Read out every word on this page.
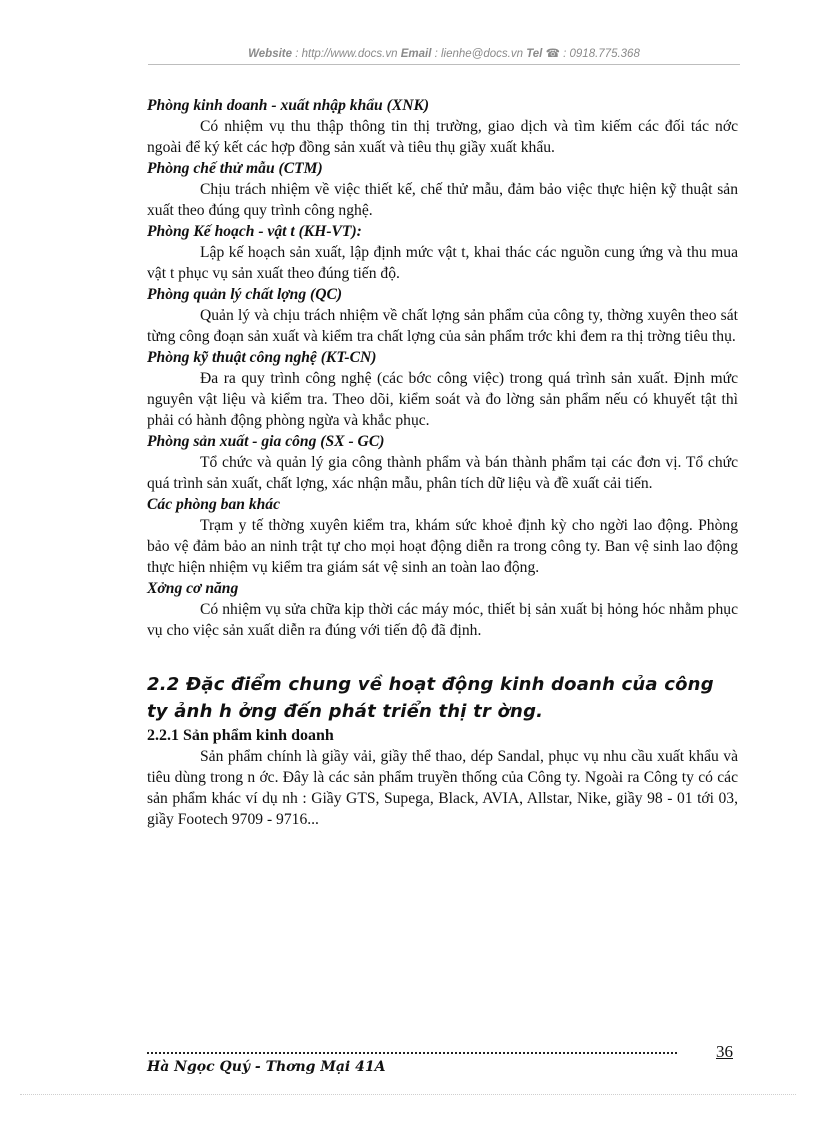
Website : http://www.docs.vn Email : lienhe@docs.vn Tel ☎ : 0918.775.368

Phòng kinh doanh - xuất nhập khẩu (XNK)

Có nhiệm vụ thu thập thông tin thị trường, giao dịch và tìm kiếm các đối tác nớc ngoài để ký kết các hợp đồng sản xuất và tiêu thụ giầy xuất khẩu.

Phòng chế thử mẫu (CTM)

Chịu trách nhiệm về việc thiết kế, chế thử mẫu, đảm bảo việc thực hiện kỹ thuật sản xuất theo đúng quy trình công nghệ.

Phòng Kế hoạch - vật t (KH-VT):

Lập kế hoạch sản xuất, lập định mức vật t, khai thác các nguồn cung ứng và thu mua vật t phục vụ sản xuất theo đúng tiến độ.

Phòng quản lý chất lợng (QC)

Quản lý và chịu trách nhiệm về chất lợng sản phẩm của công ty, thờng xuyên theo sát từng công đoạn sản xuất và kiểm tra chất lợng của sản phẩm trớc khi đem ra thị trờng tiêu thụ.

Phòng kỹ thuật công nghệ (KT-CN)

Đa ra quy trình công nghệ (các bớc công việc) trong quá trình sản xuất. Định mức nguyên vật liệu và kiểm tra. Theo dõi, kiểm soát và đo lờng sản phẩm nếu có khuyết tật thì phải có hành động phòng ngừa và khắc phục.

Phòng sản xuất - gia công (SX - GC)

Tổ chức và quản lý gia công thành phẩm và bán thành phẩm tại các đơn vị. Tổ chức quá trình sản xuất, chất lợng, xác nhận mẫu, phân tích dữ liệu và đề xuất cải tiến.

Các phòng ban khác

Trạm y tế thờng xuyên kiểm tra, khám sức khoẻ định kỳ cho ngời lao động. Phòng bảo vệ đảm bảo an ninh trật tự cho mọi hoạt động diễn ra trong công ty. Ban vệ sinh lao động thực hiện nhiệm vụ kiểm tra giám sát vệ sinh an toàn lao động.

Xởng cơ năng

Có nhiệm vụ sửa chữa kịp thời các máy móc, thiết bị sản xuất bị hỏng hóc nhằm phục vụ cho việc sản xuất diễn ra đúng với tiến độ đã định.

2.2 Đặc điểm chung về hoạt động kinh doanh của công ty ảnh h ởng đến phát triển thị tr ờng.

2.2.1 Sản phẩm kinh doanh

Sản phẩm chính là giầy vải, giầy thể thao, dép Sandal, phục vụ nhu cầu xuất khẩu và tiêu dùng trong n ớc. Đây là các sản phẩm truyền thống của Công ty. Ngoài ra Công ty có các sản phẩm khác ví dụ nh : Giầy GTS, Supega, Black, AVIA, Allstar, Nike, giầy 98 - 01 tới 03, giầy Footech 9709 - 9716...

36
Hà Ngọc Quý - Thơng Mại 41A
